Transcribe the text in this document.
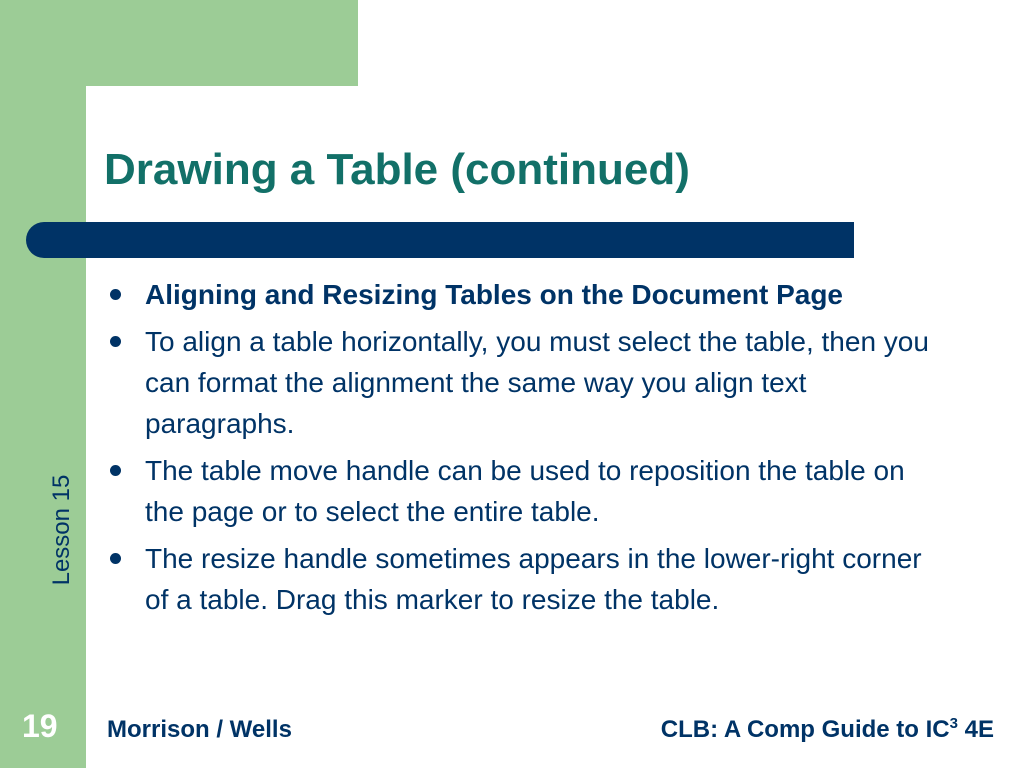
Drawing a Table (continued)
Lesson 15
Aligning and Resizing Tables on the Document Page
To align a table horizontally, you must select the table, then you can format the alignment the same way you align text paragraphs.
The table move handle can be used to reposition the table on the page or to select the entire table.
The resize handle sometimes appears in the lower-right corner of a table. Drag this marker to resize the table.
19 Morrison / Wells	CLB: A Comp Guide to $IC^3$ 4E
